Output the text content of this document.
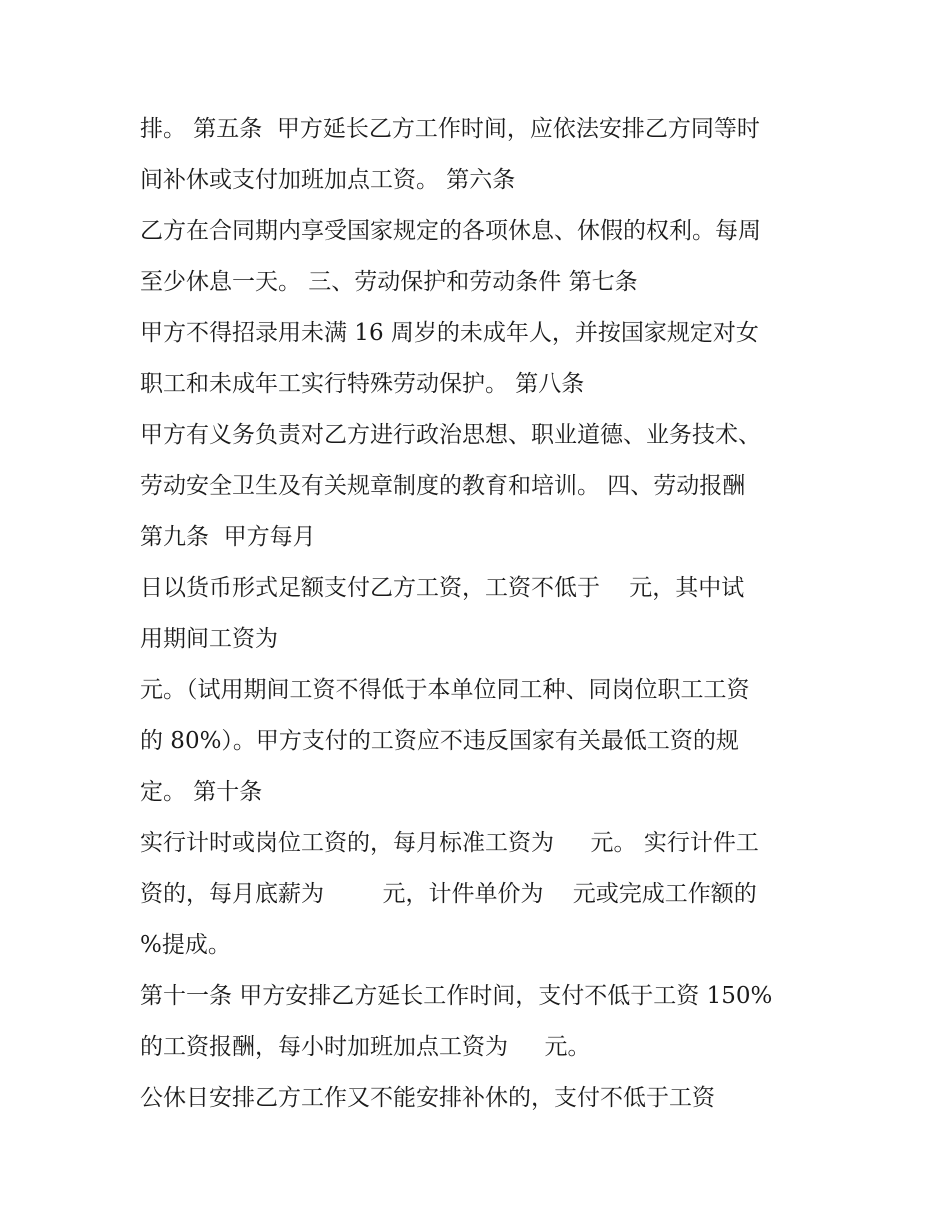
排。 第五条  甲方延长乙方工作时间，应依法安排乙方同等时
间补休或支付加班加点工资。 第六条
乙方在合同期内享受国家规定的各项休息、休假的权利。每周
至少休息一天。 三、劳动保护和劳动条件 第七条
甲方不得招录用未满 16 周岁的未成年人，并按国家规定对女
职工和未成年工实行特殊劳动保护。 第八条
甲方有义务负责对乙方进行政治思想、职业道德、业务技术、
劳动安全卫生及有关规章制度的教育和培训。 四、劳动报酬
第九条  甲方每月
日以货币形式足额支付乙方工资，工资不低于    元，其中试
用期间工资为
元。（试用期间工资不得低于本单位同工种、同岗位职工工资
的 80%）。甲方支付的工资应不违反国家有关最低工资的规
定。 第十条
实行计时或岗位工资的，每月标准工资为     元。 实行计件工
资的，每月底薪为        元，计件单价为    元或完成工作额的
%提成。
第十一条 甲方安排乙方延长工作时间，支付不低于工资 150%
的工资报酬，每小时加班加点工资为     元。
公休日安排乙方工作又不能安排补休的，支付不低于工资
